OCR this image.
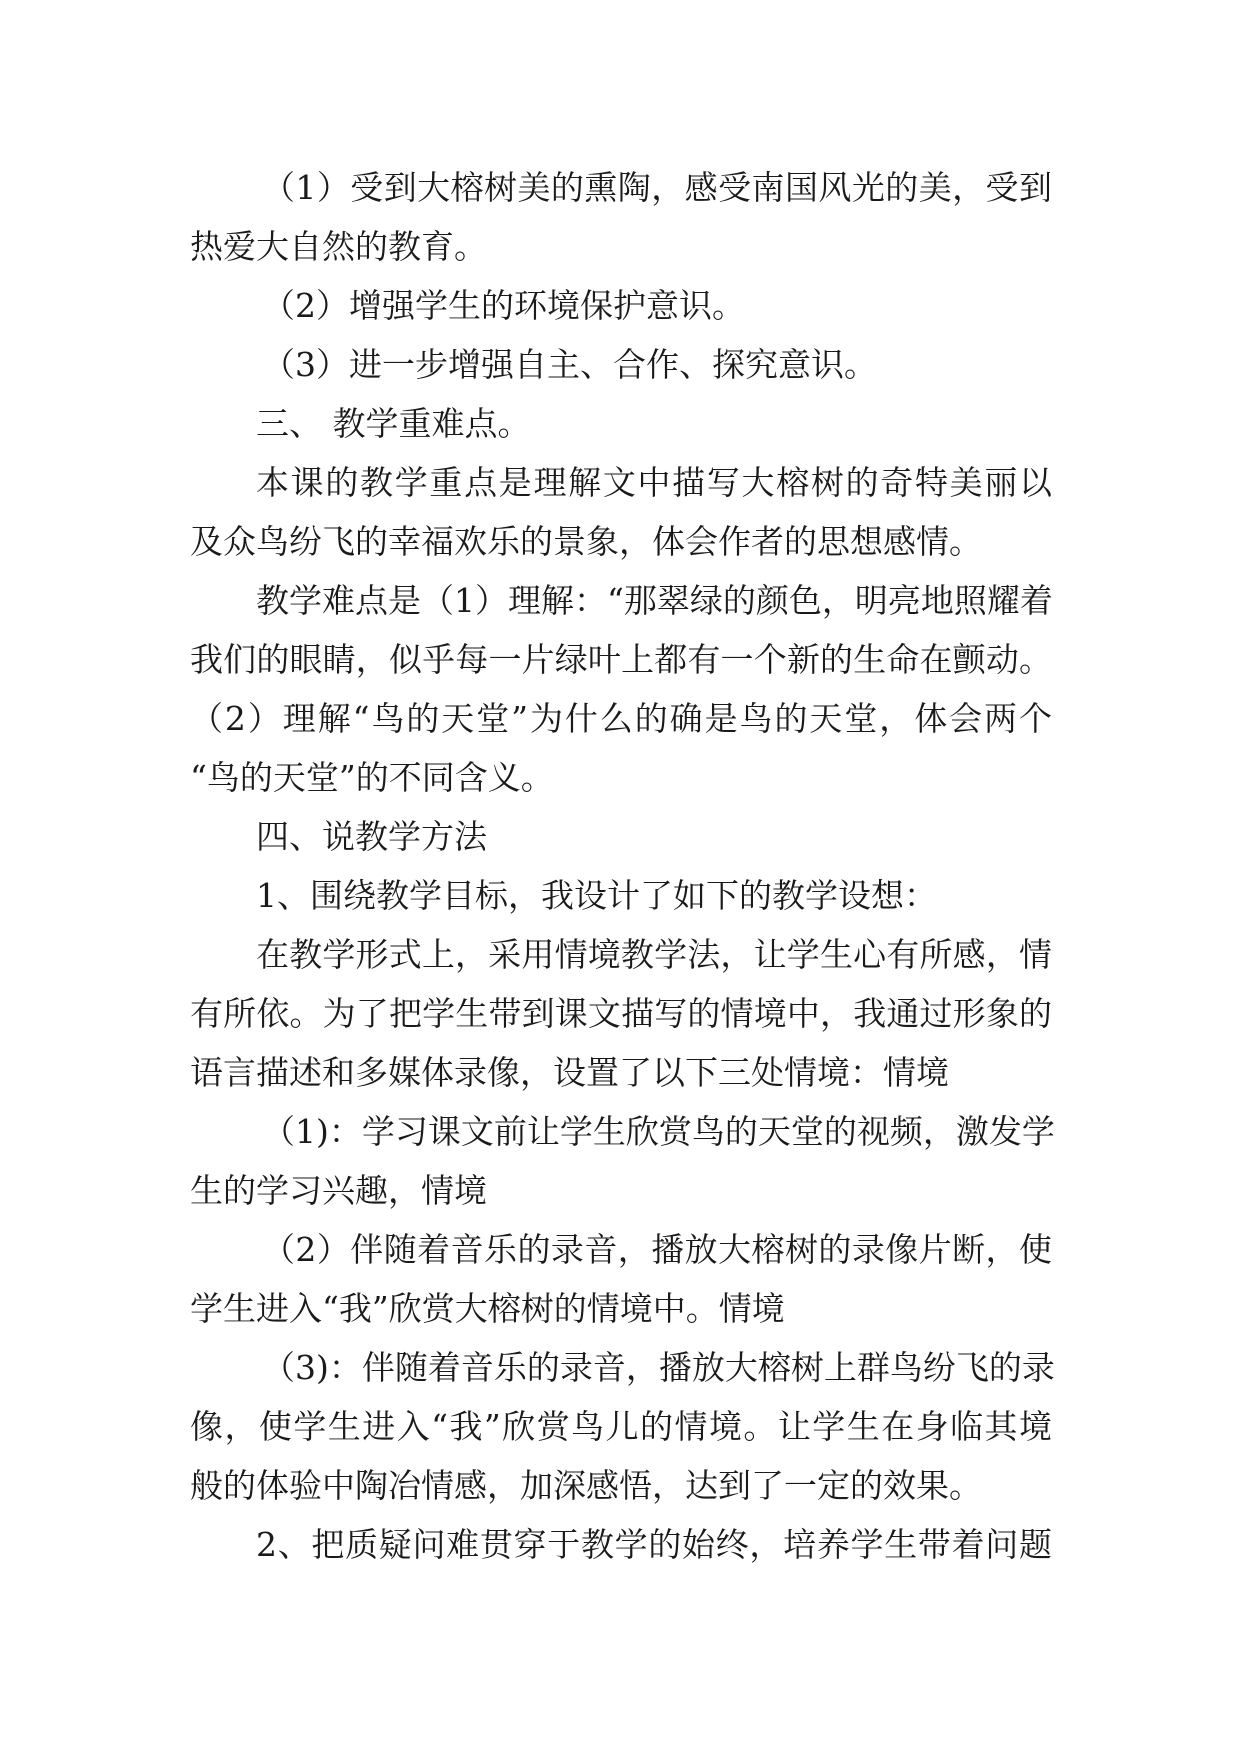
（1）受到大榕树美的熏陶，感受南国风光的美，受到
热爱大自然的教育。
（2）增强学生的环境保护意识。
（3）进一步增强自主、合作、探究意识。
三、 教学重难点。
本课的教学重点是理解文中描写大榕树的奇特美丽以
及众鸟纷飞的幸福欢乐的景象，体会作者的思想感情。
教学难点是（1）理解：“那翠绿的颜色，明亮地照耀着
我们的眼睛，似乎每一片绿叶上都有一个新的生命在颤动。
（2）理解“鸟的天堂”为什么的确是鸟的天堂，体会两个
“鸟的天堂”的不同含义。
四、说教学方法
1、围绕教学目标，我设计了如下的教学设想：
在教学形式上，采用情境教学法，让学生心有所感，情
有所依。为了把学生带到课文描写的情境中，我通过形象的
语言描述和多媒体录像，设置了以下三处情境：情境
（1)：学习课文前让学生欣赏鸟的天堂的视频，激发学
生的学习兴趣，情境
（2）伴随着音乐的录音，播放大榕树的录像片断，使
学生进入“我”欣赏大榕树的情境中。情境
（3)：伴随着音乐的录音，播放大榕树上群鸟纷飞的录
像，使学生进入“我”欣赏鸟儿的情境。让学生在身临其境
般的体验中陶冶情感，加深感悟，达到了一定的效果。
2、把质疑问难贯穿于教学的始终，培养学生带着问题
